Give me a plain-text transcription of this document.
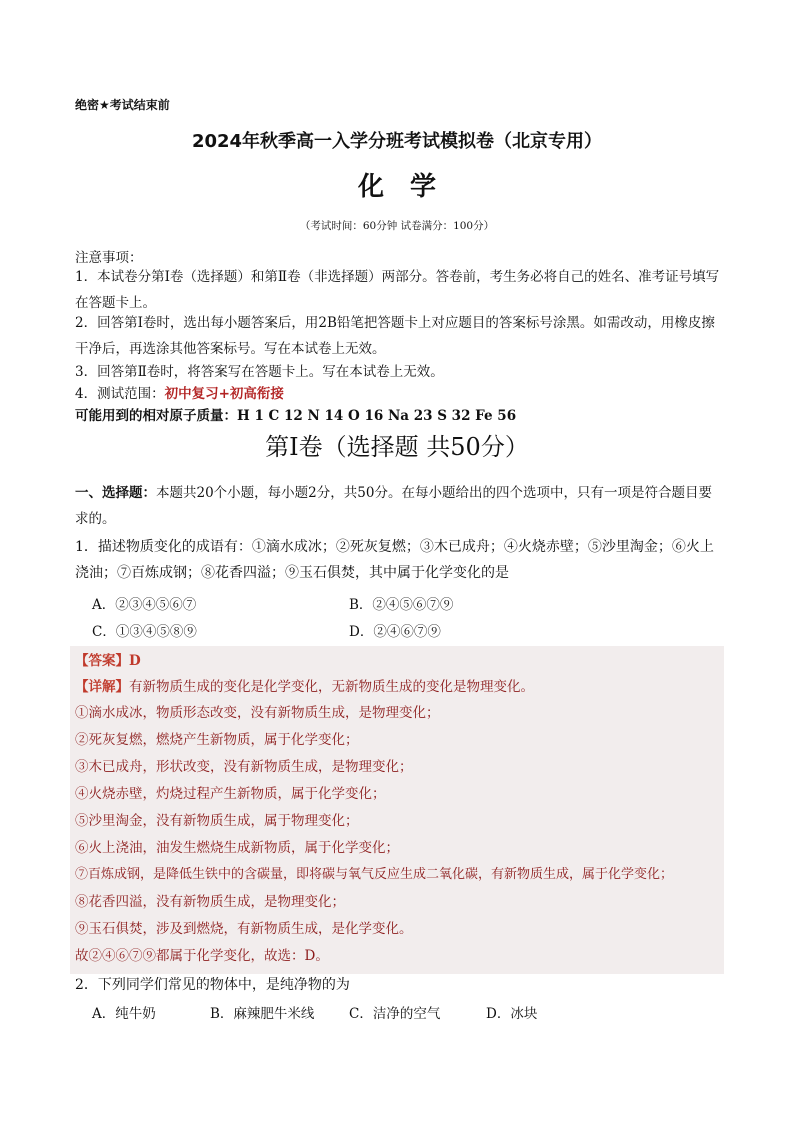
绝密★考试结束前
2024年秋季高一入学分班考试模拟卷（北京专用）
化学
（考试时间：60分钟 试卷满分：100分）
注意事项：
1．本试卷分第Ⅰ卷（选择题）和第Ⅱ卷（非选择题）两部分。答卷前，考生务必将自己的姓名、准考证号填写在答题卡上。
2．回答第Ⅰ卷时，选出每小题答案后，用2B铅笔把答题卡上对应题目的答案标号涂黑。如需改动，用橡皮擦干净后，再选涂其他答案标号。写在本试卷上无效。
3．回答第Ⅱ卷时，将答案写在答题卡上。写在本试卷上无效。
4．测试范围：初中复习+初高衔接
可能用到的相对原子质量：H 1 C 12 N 14 O 16 Na 23 S 32 Fe 56
第Ⅰ卷（选择题 共50分）
一、选择题：本题共20个小题，每小题2分，共50分。在每小题给出的四个选项中，只有一项是符合题目要求的。
1．描述物质变化的成语有：①滴水成冰；②死灰复燃；③木已成舟；④火烧赤壁；⑤沙里淘金；⑥火上浇油；⑦百炼成钢；⑧花香四溢；⑨玉石俱焚，其中属于化学变化的是
A．②③④⑤⑥⑦	B．②④⑤⑥⑦⑨
C．①③④⑤⑧⑨	D．②④⑥⑦⑨
【答案】D
【详解】有新物质生成的变化是化学变化，无新物质生成的变化是物理变化。
①滴水成冰，物质形态改变，没有新物质生成，是物理变化；
②死灰复燃，燃烧产生新物质，属于化学变化；
③木已成舟，形状改变，没有新物质生成，是物理变化；
④火烧赤壁，灼烧过程产生新物质，属于化学变化；
⑤沙里淘金，没有新物质生成，属于物理变化；
⑥火上浇油，油发生燃烧生成新物质，属于化学变化；
⑦百炼成钢，是降低生铁中的含碳量，即将碳与氧气反应生成二氧化碳，有新物质生成，属于化学变化；
⑧花香四溢，没有新物质生成，是物理变化；
⑨玉石俱焚，涉及到燃烧，有新物质生成，是化学变化。
故②④⑥⑦⑨都属于化学变化，故选：D。
2．下列同学们常见的物体中，是纯净物的为
A．纯牛奶	B．麻辣肥牛米线	C．洁净的空气	D．冰块
